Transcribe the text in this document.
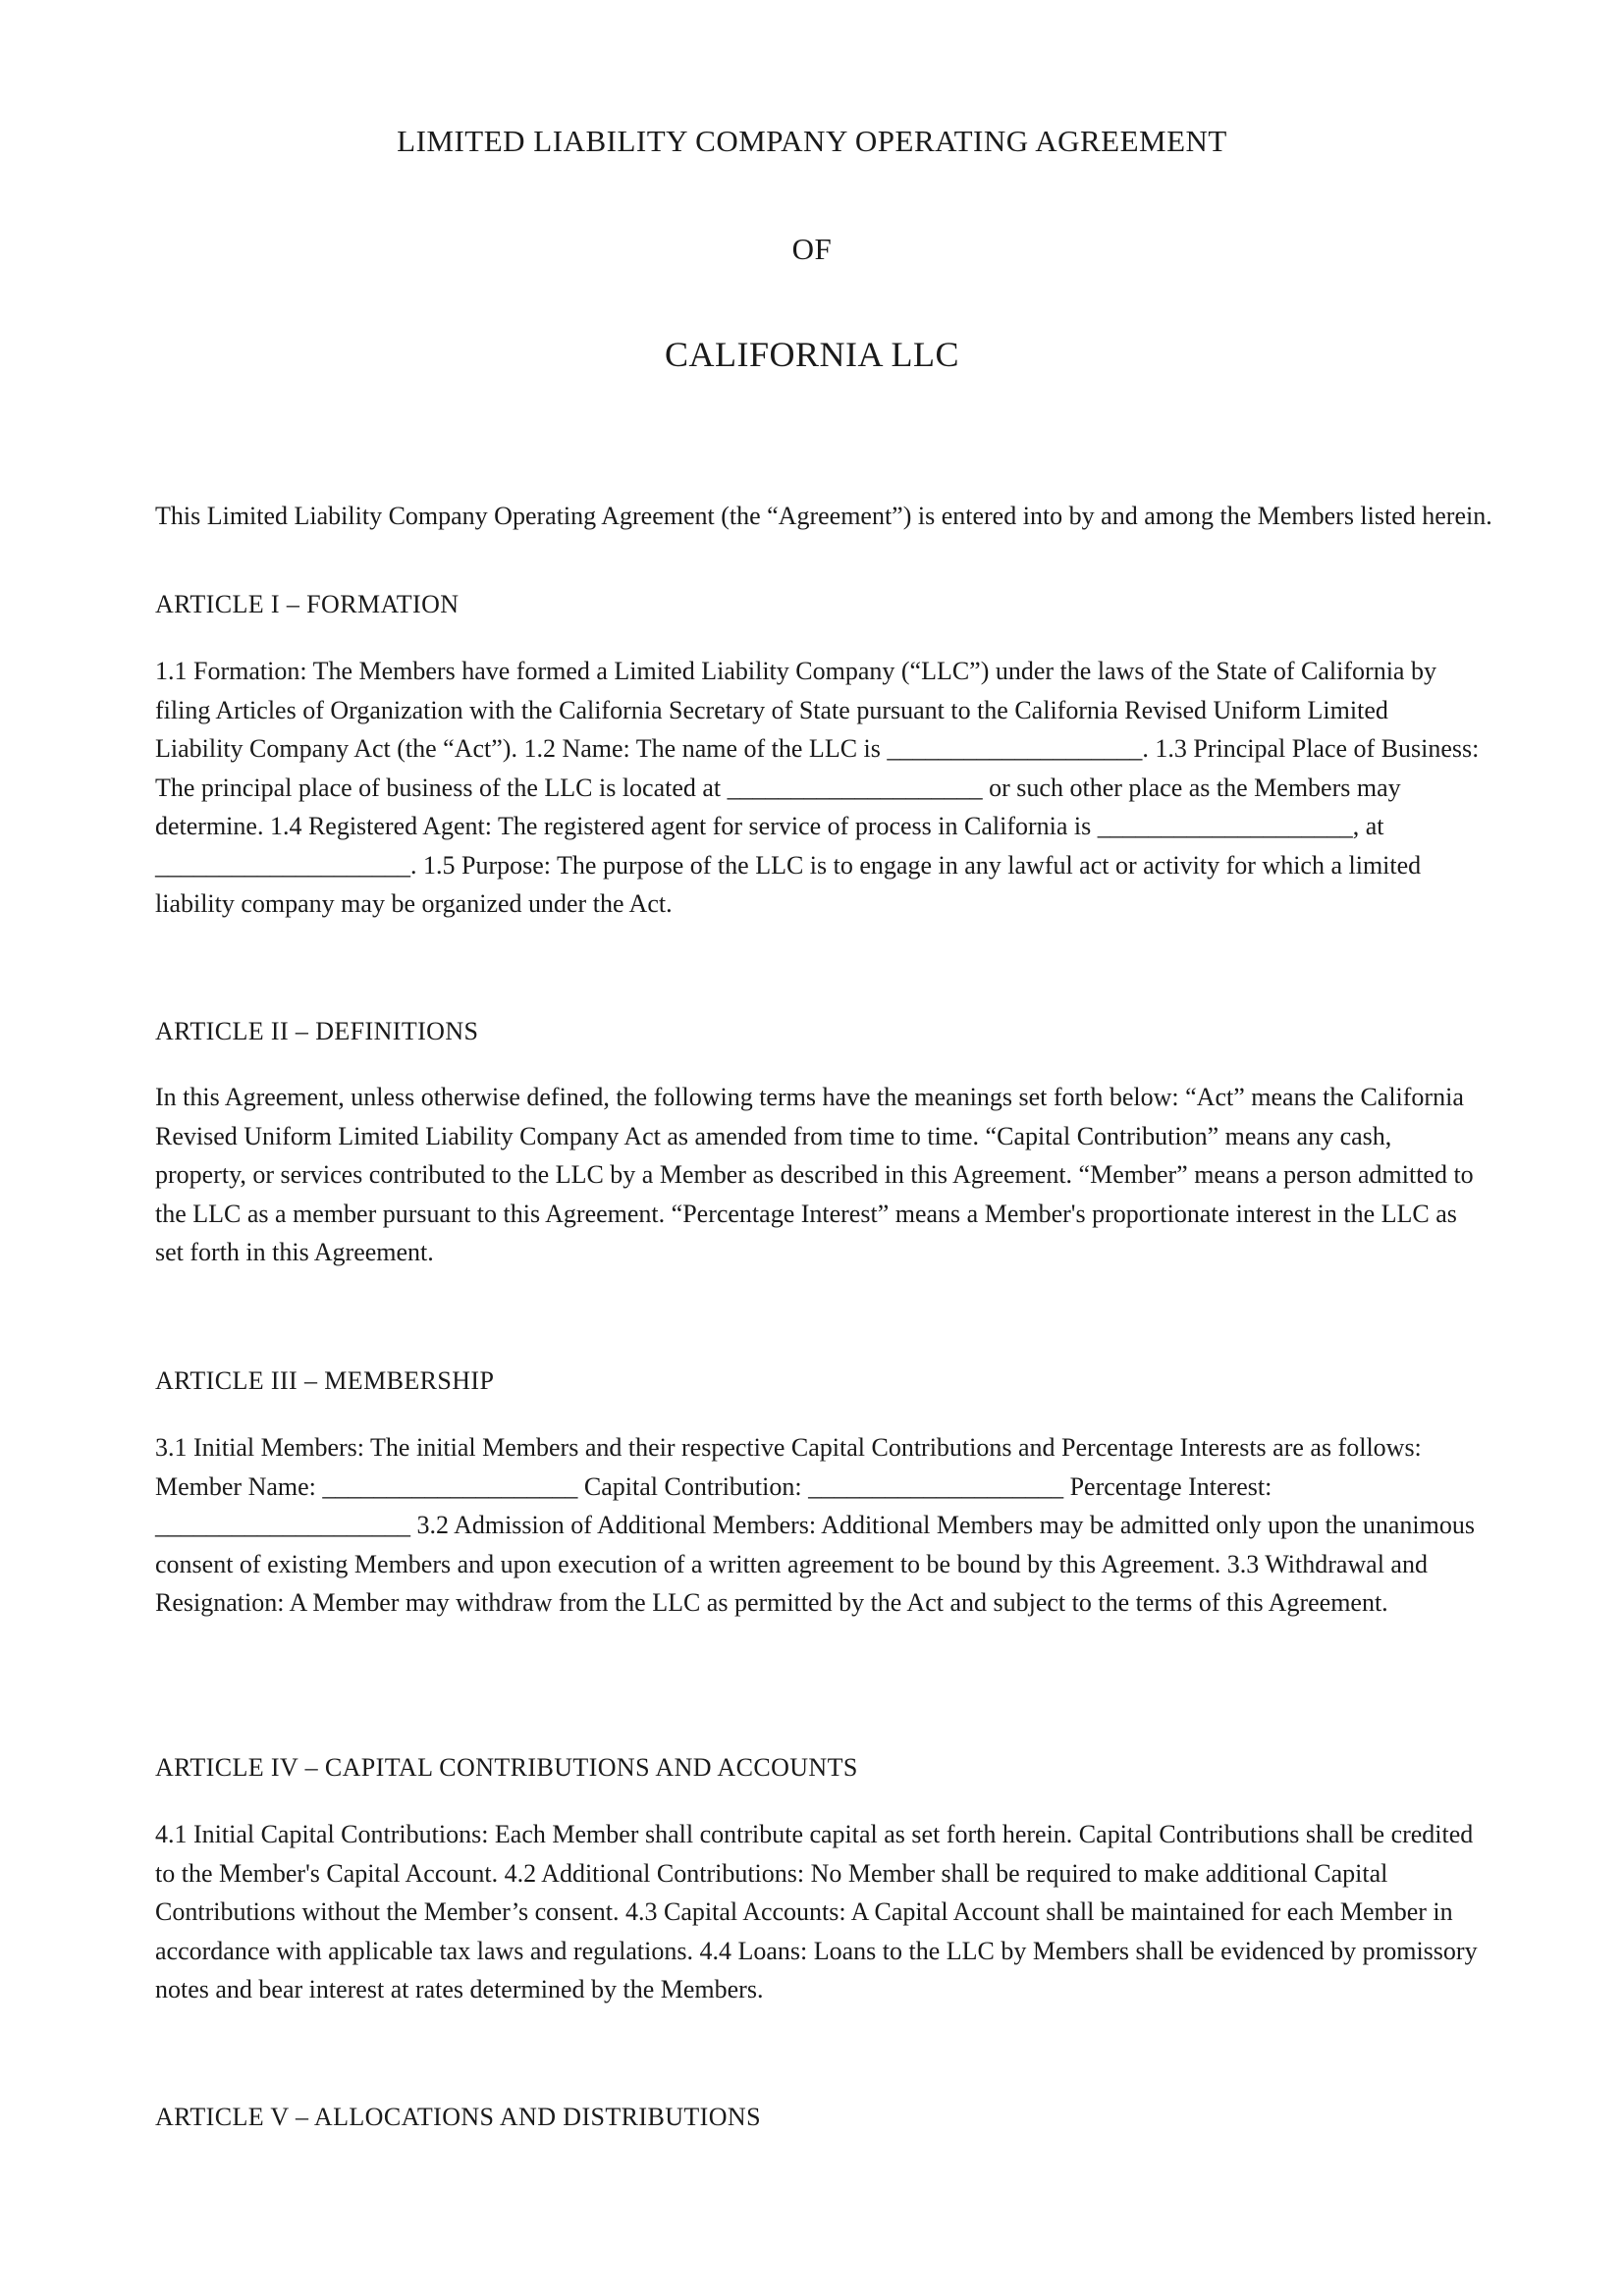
LIMITED LIABILITY COMPANY OPERATING AGREEMENT
OF
CALIFORNIA LLC

This Limited Liability Company Operating Agreement (the “Agreement”) is entered into by and among the Members listed herein.

ARTICLE I – FORMATION

1.1 Formation: The Members have formed a Limited Liability Company (“LLC”) under the laws of the State of California by filing Articles of Organization with the California Secretary of State pursuant to the California Revised Uniform Limited Liability Company Act (the “Act”). 1.2 Name: The name of the LLC is ____________________. 1.3 Principal Place of Business: The principal place of business of the LLC is located at ____________________ or such other place as the Members may determine. 1.4 Registered Agent: The registered agent for service of process in California is ____________________, at ____________________. 1.5 Purpose: The purpose of the LLC is to engage in any lawful act or activity for which a limited liability company may be organized under the Act.

ARTICLE II – DEFINITIONS

In this Agreement, unless otherwise defined, the following terms have the meanings set forth below: “Act” means the California Revised Uniform Limited Liability Company Act as amended from time to time. “Capital Contribution” means any cash, property, or services contributed to the LLC by a Member as described in this Agreement. “Member” means a person admitted to the LLC as a member pursuant to this Agreement. “Percentage Interest” means a Member's proportionate interest in the LLC as set forth in this Agreement.

ARTICLE III – MEMBERSHIP

3.1 Initial Members: The initial Members and their respective Capital Contributions and Percentage Interests are as follows: Member Name: ____________________ Capital Contribution: ____________________ Percentage Interest: ____________________ 3.2 Admission of Additional Members: Additional Members may be admitted only upon the unanimous consent of existing Members and upon execution of a written agreement to be bound by this Agreement. 3.3 Withdrawal and Resignation: A Member may withdraw from the LLC as permitted by the Act and subject to the terms of this Agreement.

ARTICLE IV – CAPITAL CONTRIBUTIONS AND ACCOUNTS

4.1 Initial Capital Contributions: Each Member shall contribute capital as set forth herein. Capital Contributions shall be credited to the Member's Capital Account. 4.2 Additional Contributions: No Member shall be required to make additional Capital Contributions without the Member’s consent. 4.3 Capital Accounts: A Capital Account shall be maintained for each Member in accordance with applicable tax laws and regulations. 4.4 Loans: Loans to the LLC by Members shall be evidenced by promissory notes and bear interest at rates determined by the Members.

ARTICLE V – ALLOCATIONS AND DISTRIBUTIONS
